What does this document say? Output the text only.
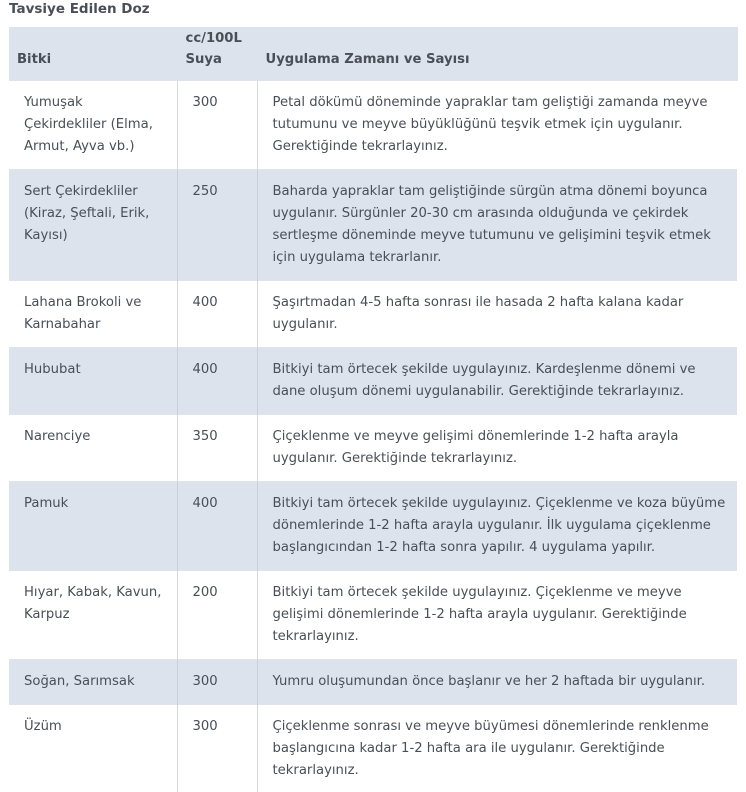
Tavsiye Edilen Doz
Bitki	cc/100L Suya	Uygulama Zamanı ve Sayısı
Yumuşak Çekirdekliler (Elma, Armut, Ayva vb.)	300	Petal dökümü döneminde yapraklar tam geliştiği zamanda meyve tutumunu ve meyve büyüklüğünü teşvik etmek için uygulanır. Gerektiğinde tekrarlayınız.
Sert Çekirdekliler (Kiraz, Şeftali, Erik, Kayısı)	250	Baharda yapraklar tam geliştiğinde sürgün atma dönemi boyunca uygulanır. Sürgünler 20-30 cm arasında olduğunda ve çekirdek sertleşme döneminde meyve tutumunu ve gelişimini teşvik etmek için uygulama tekrarlanır.
Lahana Brokoli ve Karnabahar	400	Şaşırtmadan 4-5 hafta sonrası ile hasada 2 hafta kalana kadar uygulanır.
Hububat	400	Bitkiyi tam örtecek şekilde uygulayınız. Kardeşlenme dönemi ve dane oluşum dönemi uygulanabilir. Gerektiğinde tekrarlayınız.
Narenciye	350	Çiçeklenme ve meyve gelişimi dönemlerinde 1-2 hafta arayla uygulanır. Gerektiğinde tekrarlayınız.
Pamuk	400	Bitkiyi tam örtecek şekilde uygulayınız. Çiçeklenme ve koza büyüme dönemlerinde 1-2 hafta arayla uygulanır. İlk uygulama çiçeklenme başlangıcından 1-2 hafta sonra yapılır. 4 uygulama yapılır.
Hıyar, Kabak, Kavun, Karpuz	200	Bitkiyi tam örtecek şekilde uygulayınız. Çiçeklenme ve meyve gelişimi dönemlerinde 1-2 hafta arayla uygulanır. Gerektiğinde tekrarlayınız.
Soğan, Sarımsak	300	Yumru oluşumundan önce başlanır ve her 2 haftada bir uygulanır.
Üzüm	300	Çiçeklenme sonrası ve meyve büyümesi dönemlerinde renklenme başlangıcına kadar 1-2 hafta ara ile uygulanır. Gerektiğinde tekrarlayınız.
